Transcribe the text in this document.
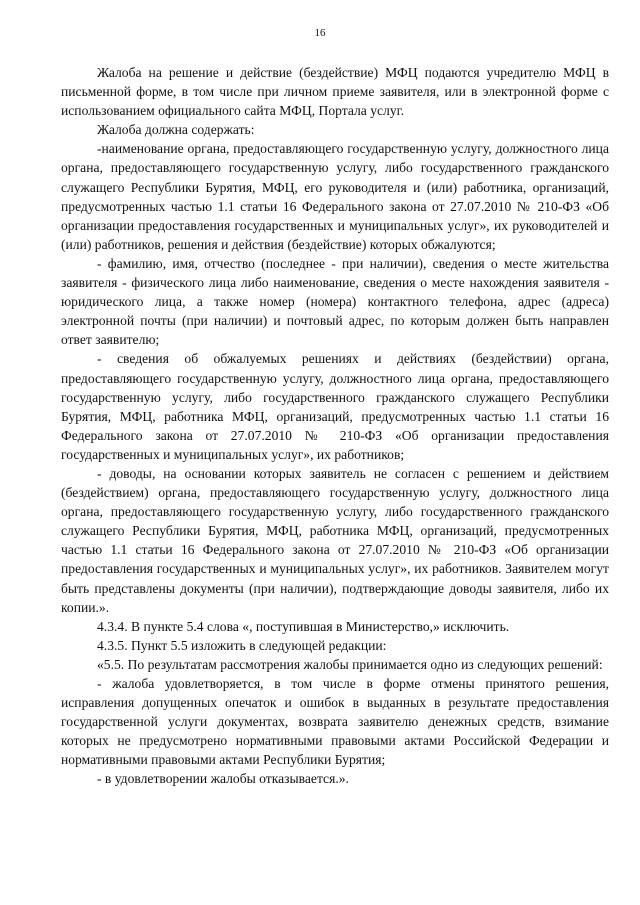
16

Жалоба на решение и действие (бездействие) МФЦ подаются учредителю МФЦ в письменной форме, в том числе при личном приеме заявителя, или в электронной форме с использованием официального сайта МФЦ, Портала услуг.

Жалоба должна содержать:

-наименование органа, предоставляющего государственную услугу, должностного лица органа, предоставляющего государственную услугу, либо государственного гражданского служащего Республики Бурятия, МФЦ, его руководителя и (или) работника, организаций, предусмотренных частью 1.1 статьи 16 Федерального закона от 27.07.2010 № 210-ФЗ «Об организации предоставления государственных и муниципальных услуг», их руководителей и (или) работников, решения и действия (бездействие) которых обжалуются;

- фамилию, имя, отчество (последнее - при наличии), сведения о месте жительства заявителя - физического лица либо наименование, сведения о месте нахождения заявителя - юридического лица, а также номер (номера) контактного телефона, адрес (адреса) электронной почты (при наличии) и почтовый адрес, по которым должен быть направлен ответ заявителю;

- сведения об обжалуемых решениях и действиях (бездействии) органа, предоставляющего государственную услугу, должностного лица органа, предоставляющего государственную услугу, либо государственного гражданского служащего Республики Бурятия, МФЦ, работника МФЦ, организаций, предусмотренных частью 1.1 статьи 16 Федерального закона от 27.07.2010 № 210-ФЗ «Об организации предоставления государственных и муниципальных услуг», их работников;

- доводы, на основании которых заявитель не согласен с решением и действием (бездействием) органа, предоставляющего государственную услугу, должностного лица органа, предоставляющего государственную услугу, либо государственного гражданского служащего Республики Бурятия, МФЦ, работника МФЦ, организаций, предусмотренных частью 1.1 статьи 16 Федерального закона от 27.07.2010 № 210-ФЗ «Об организации предоставления государственных и муниципальных услуг», их работников. Заявителем могут быть представлены документы (при наличии), подтверждающие доводы заявителя, либо их копии.».

4.3.4. В пункте 5.4 слова «, поступившая в Министерство,» исключить.

4.3.5. Пункт 5.5 изложить в следующей редакции:

«5.5. По результатам рассмотрения жалобы принимается одно из следующих решений:

- жалоба удовлетворяется, в том числе в форме отмены принятого решения, исправления допущенных опечаток и ошибок в выданных в результате предоставления государственной услуги документах, возврата заявителю денежных средств, взимание которых не предусмотрено нормативными правовыми актами Российской Федерации и нормативными правовыми актами Республики Бурятия;

- в удовлетворении жалобы отказывается.».
